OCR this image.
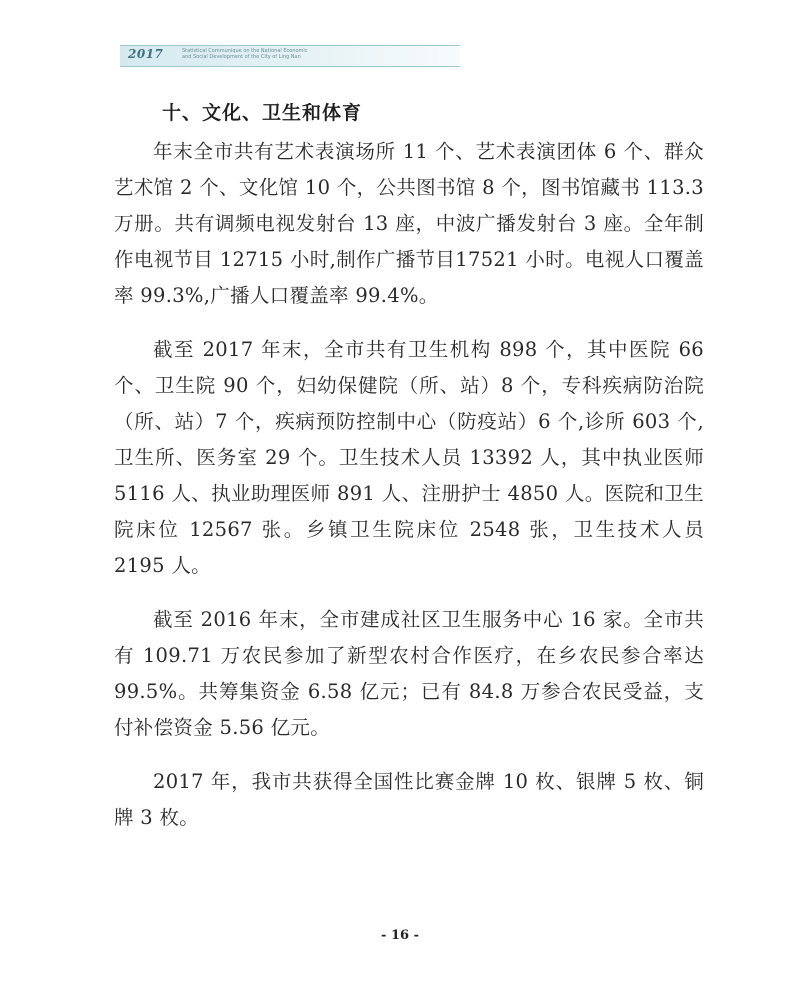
2017	Statistical Communique on the National Economic
and Social Development of the City of Ling Nan
十、文化、卫生和体育

年末全市共有艺术表演场所 11 个、艺术表演团体 6 个、群众艺术馆 2 个、文化馆 10 个，公共图书馆 8 个，图书馆藏书 113.3 万册。共有调频电视发射台 13 座，中波广播发射台 3 座。全年制作电视节目 12715 小时,制作广播节目17521 小时。电视人口覆盖率 99.3%,广播人口覆盖率 99.4%。

截至 2017 年末，全市共有卫生机构 898 个，其中医院 66 个、卫生院 90 个，妇幼保健院（所、站）8 个，专科疾病防治院（所、站）7 个，疾病预防控制中心（防疫站）6 个,诊所 603 个,卫生所、医务室 29 个。卫生技术人员 13392 人，其中执业医师 5116 人、执业助理医师 891 人、注册护士 4850 人。医院和卫生院床位 12567 张。乡镇卫生院床位 2548 张，卫生技术人员 2195 人。

截至 2016 年末，全市建成社区卫生服务中心 16 家。全市共有 109.71 万农民参加了新型农村合作医疗，在乡农民参合率达 99.5%。共筹集资金 6.58 亿元；已有 84.8 万参合农民受益，支付补偿资金 5.56 亿元。

2017 年，我市共获得全国性比赛金牌 10 枚、银牌 5 枚、铜牌 3 枚。

- 16 -
